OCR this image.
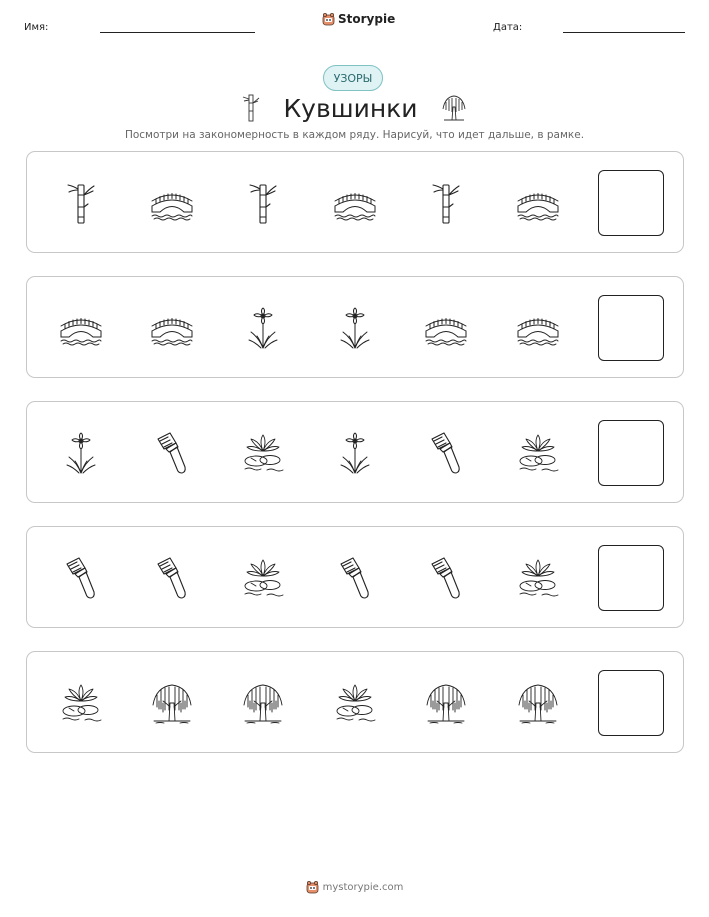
Имя:
Storypie
Дата:
УЗОРЫ
Кувшинки
Посмотри на закономерность в каждом ряду. Нарисуй, что идет дальше, в рамке.
mystorypie.com
